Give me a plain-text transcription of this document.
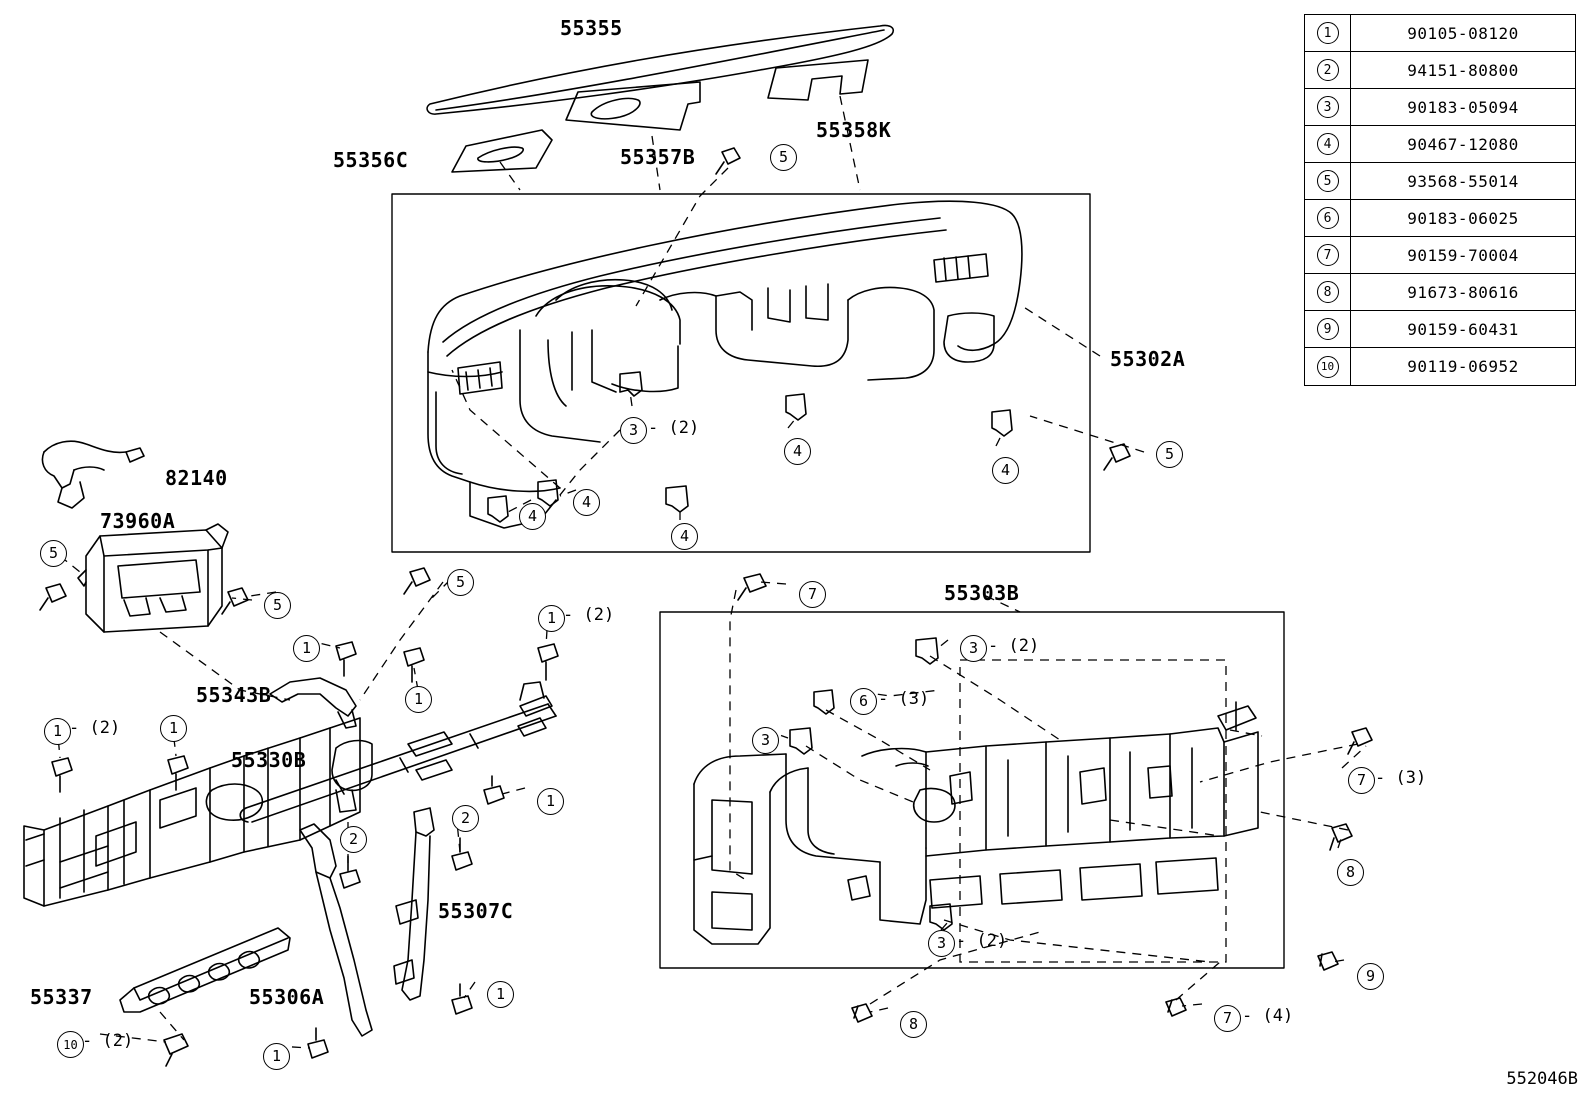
55355
55356C	55357B
55358K
55302A
82140
73960A
55343B
55330B
55307C
55337	55306A
55303B
5
3
4
4
5
4
4
4
5
5
5
1
1
1
1
1
1
2
2
1
1
10
7
3
6
3
7
8
3
9
8	7
- (2)
- (2)
- (2)
- (2)
- (2)
- (3)
- (3)
- (2)
- (4)
1	90105-08120
2	94151-80800
3	90183-05094
4	90467-12080
5	93568-55014
6	90183-06025
7	90159-70004
8	91673-80616
9	90159-60431
10	90119-06952
552046B
